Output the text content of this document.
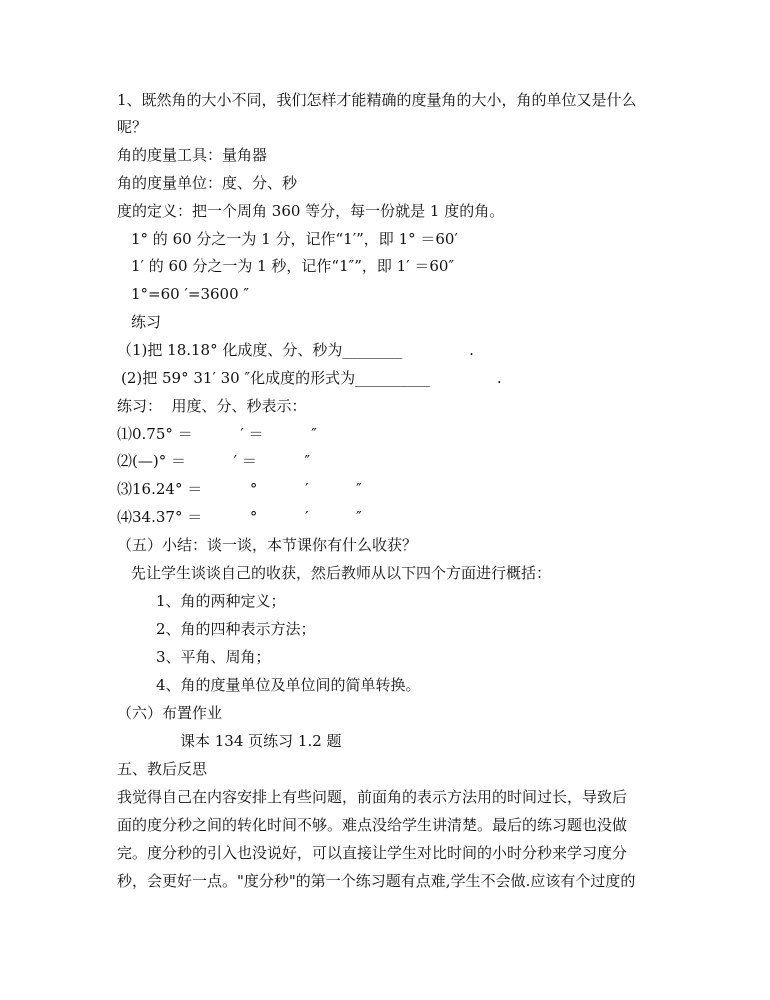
1、既然角的大小不同，我们怎样才能精确的度量角的大小，角的单位又是什么
呢？
角的度量工具：量角器
角的度量单位：度、分、秒
度的定义：把一个周角 360 等分，每一份就是 1 度的角。
1° 的 60 分之一为 1 分，记作“1′”，即 1° ＝60′
1′ 的 60 分之一为 1 秒，记作“1″”，即 1′ ＝60″
1°=60 ′=3600 ″
练习
（1)把 18.18° 化成度、分、秒为________              .
(2)把 59° 31′ 30 ″化成度的形式为__________              .
练习：  用度、分、秒表示：
⑴0.75° ＝          ′ ＝          ″
⑵(—)° ＝          ′ ＝          ″
⑶16.24° ＝          °          ′          ″
⑷34.37° ＝          °          ′          ″
（五）小结：谈一谈，本节课你有什么收获？
先让学生谈谈自己的收获，然后教师从以下四个方面进行概括：
1、角的两种定义；
2、角的四种表示方法；
3、平角、周角；
4、角的度量单位及单位间的简单转换。
（六）布置作业
课本 134 页练习 1.2 题
五、教后反思
我觉得自己在内容安排上有些问题，前面角的表示方法用的时间过长，导致后
面的度分秒之间的转化时间不够。难点没给学生讲清楚。最后的练习题也没做
完。度分秒的引入也没说好，可以直接让学生对比时间的小时分秒来学习度分
秒，会更好一点。"度分秒"的第一个练习题有点难,学生不会做.应该有个过度的
